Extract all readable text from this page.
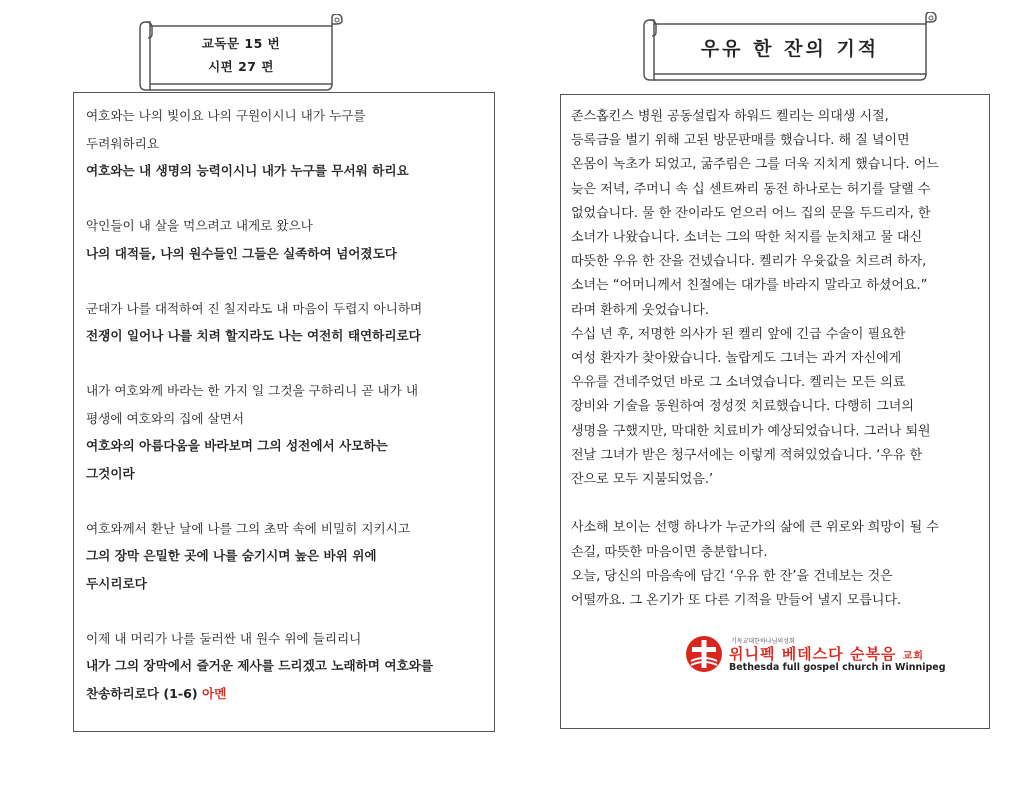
교독문 15 번
시편 27 편
우유 한 잔의 기적

여호와는 나의 빛이요 나의 구원이시니 내가 누구를

두려워하리요

여호와는 내 생명의 능력이시니 내가 누구를 무서워 하리요

악인들이 내 살을 먹으려고 내게로 왔으나

나의 대적들, 나의 원수들인 그들은 실족하여 넘어졌도다

군대가 나를 대적하여 진 칠지라도 내 마음이 두렵지 아니하며

전쟁이 일어나 나를 치려 할지라도 나는 여전히 태연하리로다

내가 여호와께 바라는 한 가지 일 그것을 구하리니 곧 내가 내

평생에 여호와의 집에 살면서

여호와의 아름다움을 바라보며 그의 성전에서 사모하는

그것이라

여호와께서 환난 날에 나를 그의 초막 속에 비밀히 지키시고

그의 장막 은밀한 곳에 나를 숨기시며 높은 바위 위에

두시리로다

이제 내 머리가 나를 둘러싼 내 원수 위에 들리리니

내가 그의 장막에서 즐거운 제사를 드리겠고 노래하며 여호와를

찬송하리로다 (1-6) 아멘

존스홉킨스 병원 공동설립자 하워드 켈리는 의대생 시절,

등록금을 벌기 위해 고된 방문판매를 했습니다. 해 질 녘이면

온몸이 녹초가 되었고, 굶주림은 그를 더욱 지치게 했습니다. 어느

늦은 저녁, 주머니 속 십 센트짜리 동전 하나로는 허기를 달랠 수

없었습니다. 물 한 잔이라도 얻으러 어느 집의 문을 두드리자, 한

소녀가 나왔습니다. 소녀는 그의 딱한 처지를 눈치채고 물 대신

따뜻한 우유 한 잔을 건넸습니다. 켈리가 우윳값을 치르려 하자,

소녀는 “어머니께서 친절에는 대가를 바라지 말라고 하셨어요.”

라며 환하게 웃었습니다.

수십 년 후, 저명한 의사가 된 켈리 앞에 긴급 수술이 필요한

여성 환자가 찾아왔습니다. 놀랍게도 그녀는 과거 자신에게

우유를 건네주었던 바로 그 소녀였습니다. 켈리는 모든 의료

장비와 기술을 동원하여 정성껏 치료했습니다. 다행히 그녀의

생명을 구했지만, 막대한 치료비가 예상되었습니다. 그러나 퇴원

전날 그녀가 받은 청구서에는 이렇게 적혀있었습니다. ‘우유 한

잔으로 모두 지불되었음.’

사소해 보이는 선행 하나가 누군가의 삶에 큰 위로와 희망이 될 수

손길, 따뜻한 마음이면 충분합니다.

오늘, 당신의 마음속에 담긴 ‘우유 한 잔’을 건네보는 것은

어떨까요. 그 온기가 또 다른 기적을 만들어 낼지 모릅니다.

기독교대한하나님의성회
위니펙 베데스다 순복음 교회
Bethesda full gospel church in Winnipeg
